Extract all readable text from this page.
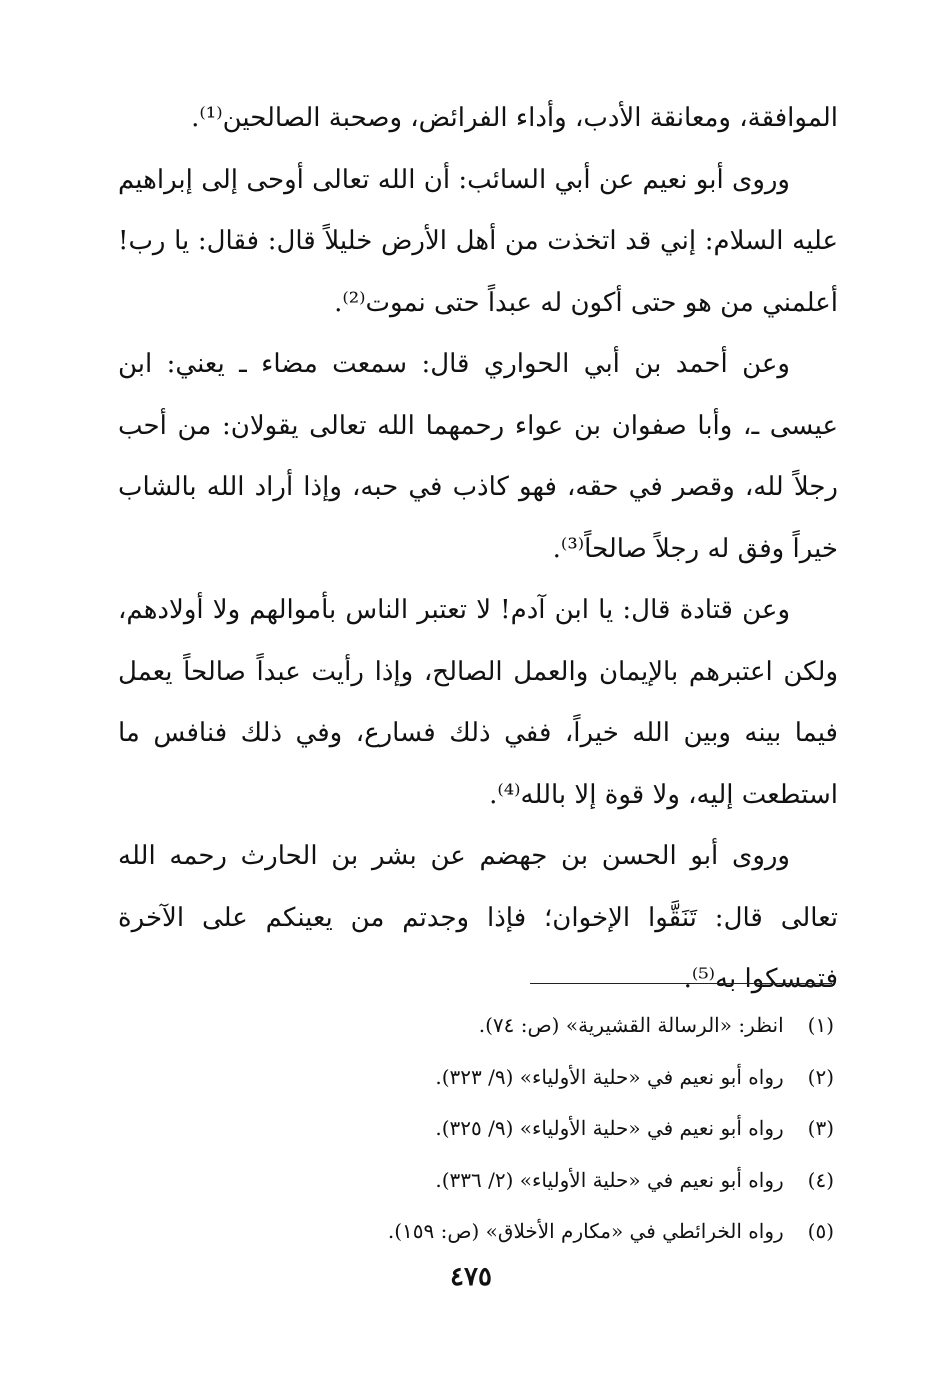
الموافقة، ومعانقة الأدب، وأداء الفرائض، وصحبة الصالحين⁽¹⁾.

وروى أبو نعيم عن أبي السائب: أن الله تعالى أوحى إلى إبراهيم عليه السلام: إني قد اتخذت من أهل الأرض خليلاً قال: فقال: يا رب! أعلمني من هو حتى أكون له عبداً حتى نموت⁽²⁾.

وعن أحمد بن أبي الحواري قال: سمعت مضاء ـ يعني: ابن عيسى ـ، وأبا صفوان بن عواء رحمهما الله تعالى يقولان: من أحب رجلاً لله، وقصر في حقه، فهو كاذب في حبه، وإذا أراد الله بالشاب خيراً وفق له رجلاً صالحاً⁽³⁾.

وعن قتادة قال: يا ابن آدم! لا تعتبر الناس بأموالهم ولا أولادهم، ولكن اعتبرهم بالإيمان والعمل الصالح، وإذا رأيت عبداً صالحاً يعمل فيما بينه وبين الله خيراً، ففي ذلك فسارع، وفي ذلك فنافس ما استطعت إليه، ولا قوة إلا بالله⁽⁴⁾.

وروى أبو الحسن بن جهضم عن بشر بن الحارث رحمه الله تعالى قال: تَنَقَّوا الإخوان؛ فإذا وجدتم من يعينكم على الآخرة فتمسكوا به⁽⁵⁾.

(١) انظر: «الرسالة القشيرية» (ص: ٧٤).

(٢) رواه أبو نعيم في «حلية الأولياء» (٩/ ٣٢٣).

(٣) رواه أبو نعيم في «حلية الأولياء» (٩/ ٣٢٥).

(٤) رواه أبو نعيم في «حلية الأولياء» (٢/ ٣٣٦).

(٥) رواه الخرائطي في «مكارم الأخلاق» (ص: ١٥٩).

٤٧٥
